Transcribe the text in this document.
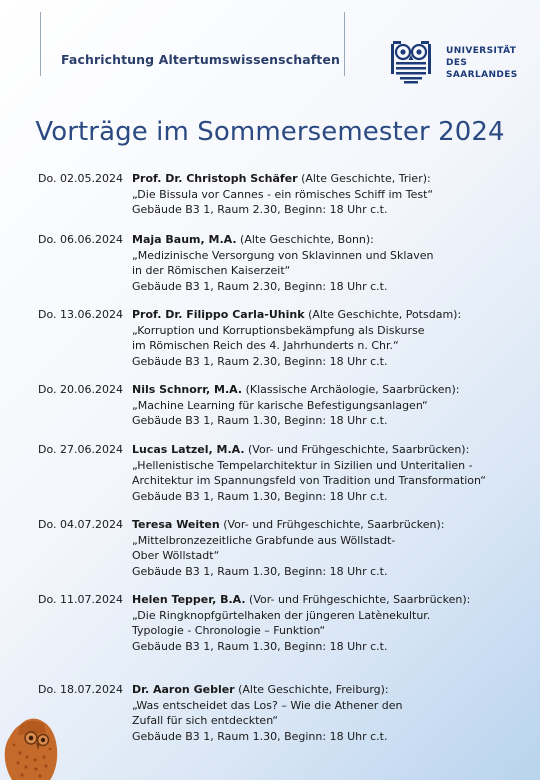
Fachrichtung Altertumswissenschaften
UNIVERSITÄT
DES
SAARLANDES
Vorträge im Sommersemester 2024
Do. 02.05.2024 Prof. Dr. Christoph Schäfer (Alte Geschichte, Trier):
„Die Bissula vor Cannes - ein römisches Schiff im Test“
Gebäude B3 1, Raum 2.30, Beginn: 18 Uhr c.t.
Do. 06.06.2024 Maja Baum, M.A. (Alte Geschichte, Bonn):
„Medizinische Versorgung von Sklavinnen und Sklaven
in der Römischen Kaiserzeit“
Gebäude B3 1, Raum 2.30, Beginn: 18 Uhr c.t.
Do. 13.06.2024 Prof. Dr. Filippo Carla-Uhink (Alte Geschichte, Potsdam):
„Korruption und Korruptionsbekämpfung als Diskurse
im Römischen Reich des 4. Jahrhunderts n. Chr.“
Gebäude B3 1, Raum 2.30, Beginn: 18 Uhr c.t.
Do. 20.06.2024 Nils Schnorr, M.A. (Klassische Archäologie, Saarbrücken):
„Machine Learning für karische Befestigungsanlagen“
Gebäude B3 1, Raum 1.30, Beginn: 18 Uhr c.t.
Do. 27.06.2024 Lucas Latzel, M.A. (Vor- und Frühgeschichte, Saarbrücken):
„Hellenistische Tempelarchitektur in Sizilien und Unteritalien -
Architektur im Spannungsfeld von Tradition und Transformation“
Gebäude B3 1, Raum 1.30, Beginn: 18 Uhr c.t.
Do. 04.07.2024 Teresa Weiten (Vor- und Frühgeschichte, Saarbrücken):
„Mittelbronzezeitliche Grabfunde aus Wöllstadt-
Ober Wöllstadt“
Gebäude B3 1, Raum 1.30, Beginn: 18 Uhr c.t.
Do. 11.07.2024 Helen Tepper, B.A. (Vor- und Frühgeschichte, Saarbrücken):
„Die Ringknopfgürtelhaken der jüngeren Latènekultur.
Typologie - Chronologie – Funktion“
Gebäude B3 1, Raum 1.30, Beginn: 18 Uhr c.t.
Do. 18.07.2024 Dr. Aaron Gebler (Alte Geschichte, Freiburg):
„Was entscheidet das Los? – Wie die Athener den
Zufall für sich entdeckten“
Gebäude B3 1, Raum 1.30, Beginn: 18 Uhr c.t.
